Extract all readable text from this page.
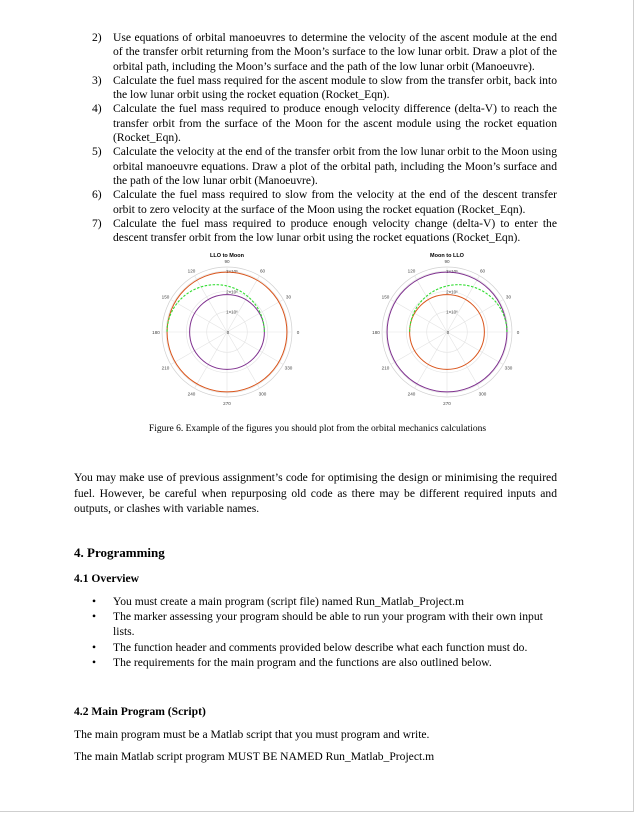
2) Use equations of orbital manoeuvres to determine the velocity of the ascent module at the end of the transfer orbit returning from the Moon’s surface to the low lunar orbit. Draw a plot of the orbital path, including the Moon’s surface and the path of the low lunar orbit (Manoeuvre).
3) Calculate the fuel mass required for the ascent module to slow from the transfer orbit, back into the low lunar orbit using the rocket equation (Rocket_Eqn).
4) Calculate the fuel mass required to produce enough velocity difference (delta-V) to reach the transfer orbit from the surface of the Moon for the ascent module using the rocket equation (Rocket_Eqn).
5) Calculate the velocity at the end of the transfer orbit from the low lunar orbit to the Moon using orbital manoeuvre equations. Draw a plot of the orbital path, including the Moon’s surface and the path of the low lunar orbit (Manoeuvre).
6) Calculate the fuel mass required to slow from the velocity at the end of the descent transfer orbit to zero velocity at the surface of the Moon using the rocket equation (Rocket_Eqn).
7) Calculate the fuel mass required to produce enough velocity change (delta-V) to enter the descent transfer orbit from the low lunar orbit using the rocket equations (Rocket_Eqn).
LLO to Moon
0
30
60
90
120
150
180
210
240
270
300
330
0
1×10⁶
2×10⁶
3×10⁶
Moon to LLO
0
30
60
90
120
150
180
210
240
270
300
330
0
1×10⁶
2×10⁶
3×10⁶
Figure 6. Example of the figures you should plot from the orbital mechanics calculations
You may make use of previous assignment’s code for optimising the design or minimising the required fuel. However, be careful when repurposing old code as there may be different required inputs and outputs, or clashes with variable names.
4. Programming
4.1 Overview
• You must create a main program (script file) named Run_Matlab_Project.m
• The marker assessing your program should be able to run your program with their own input lists.
• The function header and comments provided below describe what each function must do.
• The requirements for the main program and the functions are also outlined below.
4.2 Main Program (Script)
The main program must be a Matlab script that you must program and write.
The main Matlab script program MUST BE NAMED Run_Matlab_Project.m
